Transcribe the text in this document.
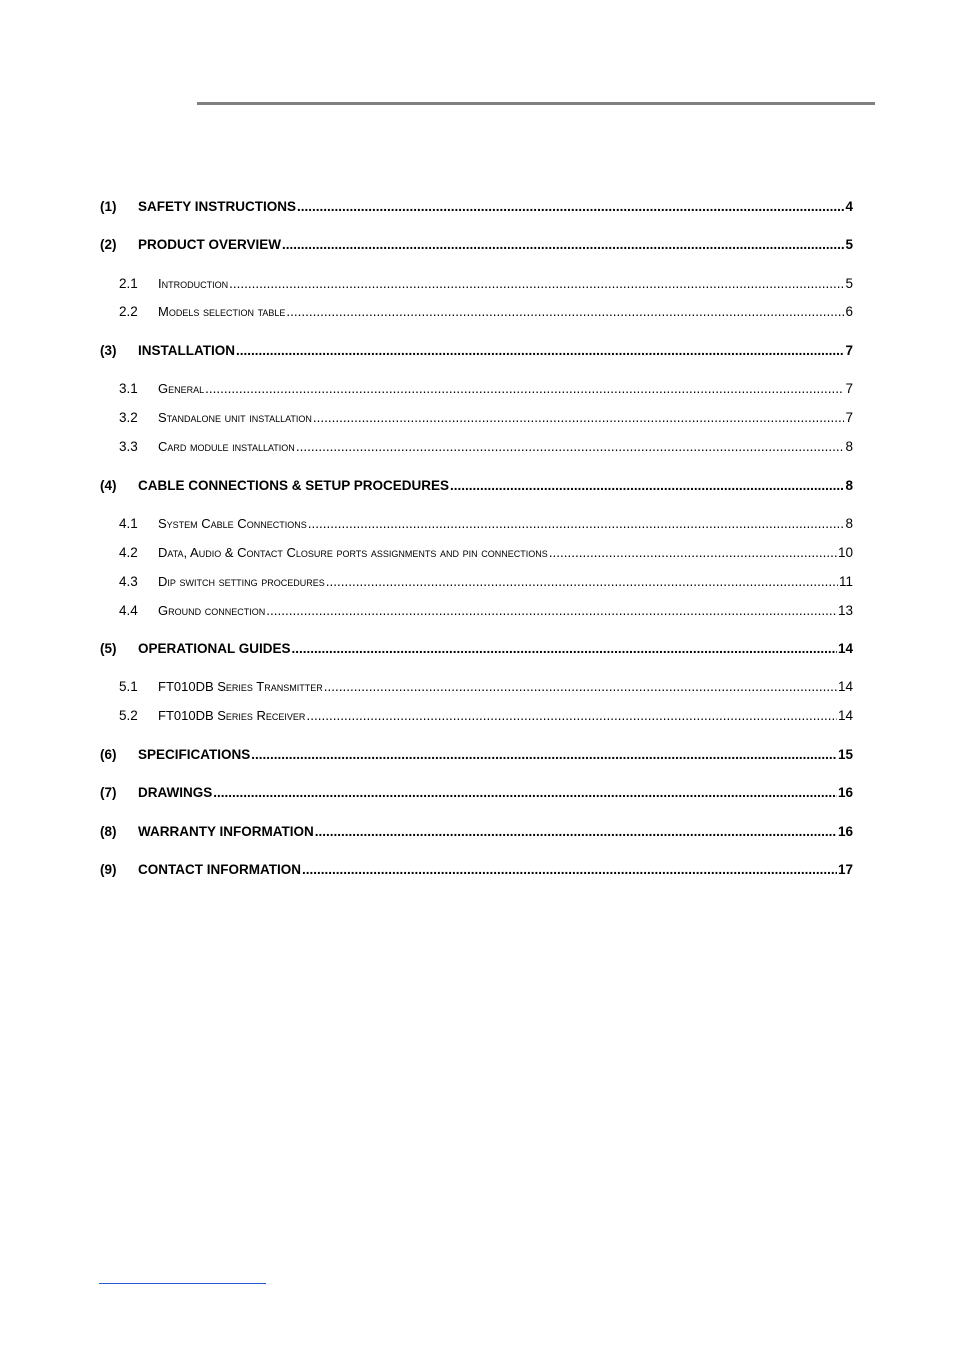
(1)	SAFETY INSTRUCTIONS .....	4
(2)	PRODUCT OVERVIEW .....	5
2.1	Introduction .....	5
2.2	Models selection table .....	6
(3)	INSTALLATION .....	7
3.1	General .....	7
3.2	Standalone unit installation .....	7
3.3	Card module installation .....	8
(4)	CABLE CONNECTIONS & SETUP PROCEDURES .....	8
4.1	System Cable Connections .....	8
4.2	Data, Audio & Contact Closure ports assignments and pin connections .....	10
4.3	Dip switch setting procedures .....	11
4.4	Ground connection .....	13
(5)	OPERATIONAL GUIDES .....	14
5.1	FT010DB Series Transmitter .....	14
5.2	FT010DB Series Receiver .....	14
(6)	SPECIFICATIONS .....	15
(7)	DRAWINGS .....	16
(8)	WARRANTY INFORMATION .....	16
(9)	CONTACT INFORMATION .....	17
